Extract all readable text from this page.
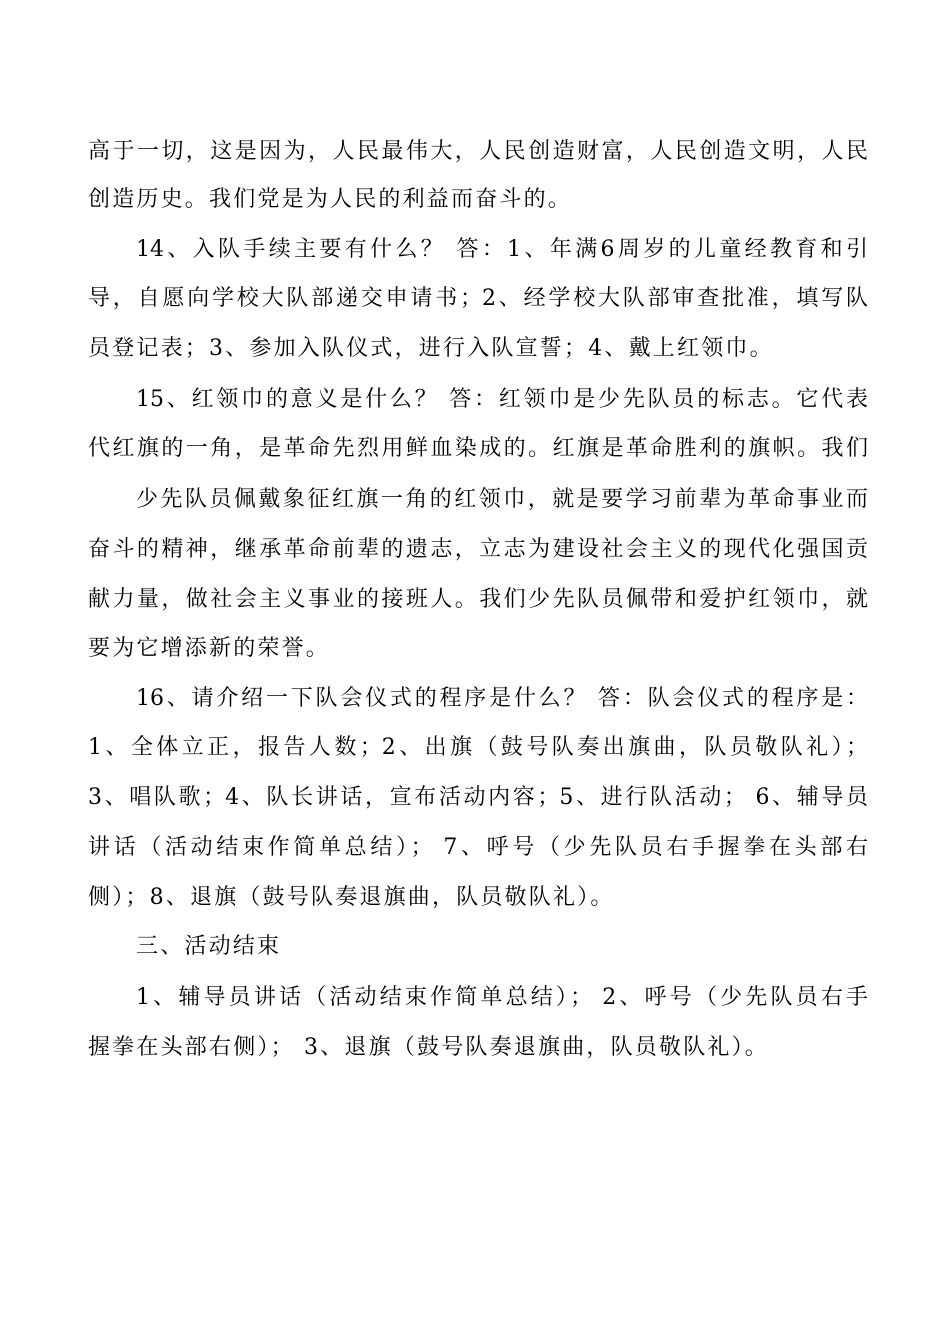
高于一切，这是因为，人民最伟大，人民创造财富，人民创造文明，人民
创造历史。我们党是为人民的利益而奋斗的。
14、入队手续主要有什么？ 答：1、年满6周岁的儿童经教育和引
导，自愿向学校大队部递交申请书；2、经学校大队部审查批准，填写队
员登记表；3、参加入队仪式，进行入队宣誓；4、戴上红领巾。
15、红领巾的意义是什么？ 答：红领巾是少先队员的标志。它代表
代红旗的一角，是革命先烈用鲜血染成的。红旗是革命胜利的旗帜。我们
少先队员佩戴象征红旗一角的红领巾，就是要学习前辈为革命事业而
奋斗的精神，继承革命前辈的遗志，立志为建设社会主义的现代化强国贡
献力量，做社会主义事业的接班人。我们少先队员佩带和爱护红领巾，就
要为它增添新的荣誉。
16、请介绍一下队会仪式的程序是什么？ 答：队会仪式的程序是：
1、全体立正，报告人数；2、出旗（鼓号队奏出旗曲，队员敬队礼）；
3、唱队歌；4、队长讲话，宣布活动内容；5、进行队活动； 6、辅导员
讲话（活动结束作简单总结）； 7、呼号（少先队员右手握拳在头部右
侧）；8、退旗（鼓号队奏退旗曲，队员敬队礼）。
三、活动结束
1、辅导员讲话（活动结束作简单总结）； 2、呼号（少先队员右手
握拳在头部右侧）； 3、退旗（鼓号队奏退旗曲，队员敬队礼）。
